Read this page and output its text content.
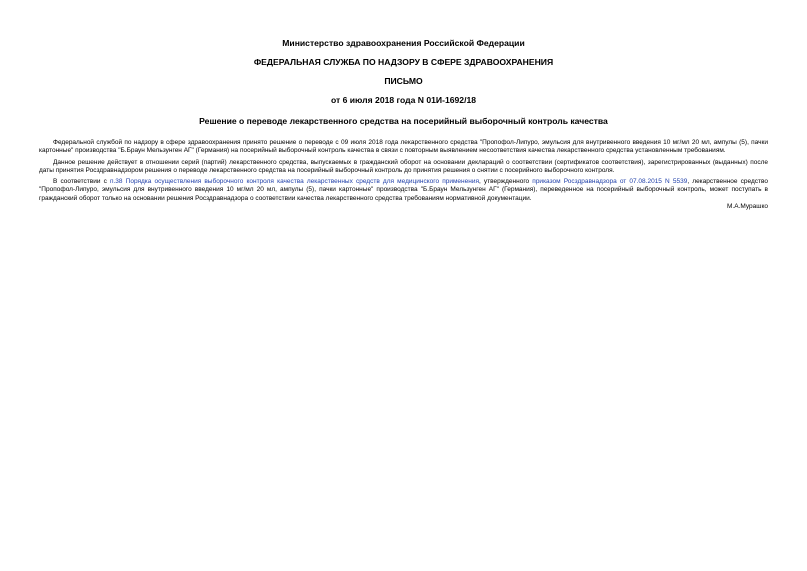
Министерство здравоохранения Российской Федерации

ФЕДЕРАЛЬНАЯ СЛУЖБА ПО НАДЗОРУ В СФЕРЕ ЗДРАВООХРАНЕНИЯ

ПИСЬМО

от 6 июля 2018 года N 01И-1692/18

Решение о переводе лекарственного средства на посерийный выборочный контроль качества

Федеральной службой по надзору в сфере здравоохранения принято решение о переводе с 09 июля 2018 года лекарственного средства "Пропофол-Липуро, эмульсия для внутривенного введения 10 мг/мл 20 мл, ампулы (5), пачки картонные" производства "Б.Браун Мельзунген АГ" (Германия) на посерийный выборочный контроль качества в связи с повторным выявлением несоответствия качества лекарственного средства установленным требованиям.

Данное решение действует в отношении серий (партий) лекарственного средства, выпускаемых в гражданский оборот на основании деклараций о соответствии (сертификатов соответствия), зарегистрированных (выданных) после даты принятия Росздравнадзором решения о переводе лекарственного средства на посерийный выборочный контроль до принятия решения о снятии с посерийного выборочного контроля.

В соответствии с п.38 Порядка осуществления выборочного контроля качества лекарственных средств для медицинского применения, утвержденного приказом Росздравнадзора от 07.08.2015 N 5539, лекарственное средство "Пропофол-Липуро, эмульсия для внутривенного введения 10 мг/мл 20 мл, ампулы (5), пачки картонные" производства "Б.Браун Мельзунген АГ" (Германия), переведенное на посерийный выборочный контроль, может поступать в гражданский оборот только на основании решения Росздравнадзора о соответствии качества лекарственного средства требованиям нормативной документации.

М.А.Мурашко
